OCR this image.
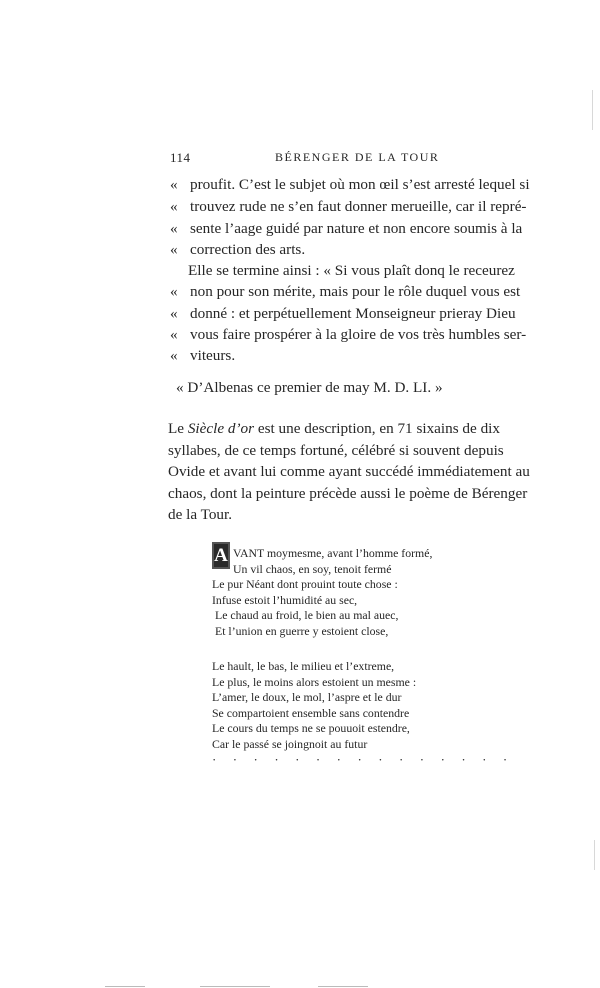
114	BÉRENGER DE LA TOUR
« proufit. C’est le subjet où mon œil s’est arresté lequel si
« trouvez rude ne s’en faut donner merueille, car il repré-
« sente l’aage guidé par nature et non encore soumis à la
« correction des arts.
Elle se termine ainsi : « Si vous plaît donq le receurez
« non pour son mérite, mais pour le rôle duquel vous est
« donné : et perpétuellement Monseigneur prieray Dieu
« vous faire prospérer à la gloire de vos très humbles ser-
« viteurs.
« D’Albenas ce premier de may M. D. LI. »
Le Siècle d’or est une description, en 71 sixains de dix
syllabes, de ce temps fortuné, célébré si souvent depuis
Ovide et avant lui comme ayant succédé immédiatement au
chaos, dont la peinture précède aussi le poème de Bérenger
de la Tour.
A VANT moymesme, avant l’homme formé,
Un vil chaos, en soy, tenoit fermé
Le pur Néant dont prouint toute chose :
Infuse estoit l’humidité au sec,
Le chaud au froid, le bien au mal auec,
Et l’union en guerre y estoient close,
Le hault, le bas, le milieu et l’extreme,
Le plus, le moins alors estoient un mesme :
L’amer, le doux, le mol, l’aspre et le dur
Se compartoient ensemble sans contendre
Le cours du temps ne se pouuoit estendre,
Car le passé se joingnoit au futur
· · · · · · · · · · · · · · ·
